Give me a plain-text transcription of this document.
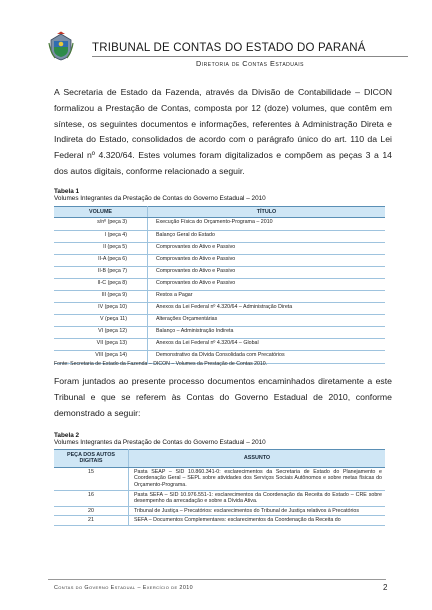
TRIBUNAL DE CONTAS DO ESTADO DO PARANÁ
Diretoria de Contas Estaduais
A Secretaria de Estado da Fazenda, através da Divisão de Contabilidade – DICON formalizou a Prestação de Contas, composta por 12 (doze) volumes, que contêm em síntese, os seguintes documentos e informações, referentes à Administração Direta e Indireta do Estado, consolidados de acordo com o parágrafo único do art. 110 da Lei Federal nº 4.320/64. Estes volumes foram digitalizados e compõem as peças 3 a 14 dos autos digitais, conforme relacionado a seguir.
Tabela 1
Volumes Integrantes da Prestação de Contas do Governo Estadual – 2010
VOLUME	TÍTULO
s/nº (peça 3)	Execução Física do Orçamento-Programa – 2010
I (peça 4)	Balanço Geral do Estado
II (peça 5)	Comprovantes do Ativo e Passivo
II-A (peça 6)	Comprovantes do Ativo e Passivo
II-B (peça 7)	Comprovantes do Ativo e Passivo
II-C (peça 8)	Comprovantes do Ativo e Passivo
III (peça 9)	Restos a Pagar
IV (peça 10)	Anexos da Lei Federal nº 4.320/64 – Administração Direta
V (peça 11)	Alterações Orçamentárias
VI (peça 12)	Balanço – Administração Indireta
VII (peça 13)	Anexos da Lei Federal nº 4.320/64 – Global
VIII (peça 14)	Demonstrativo da Dívida Consolidada com Precatórios
Fonte: Secretaria de Estado da Fazenda – DICON – Volumes da Prestação de Contas 2010.
Foram juntados ao presente processo documentos encaminhados diretamente a este Tribunal e que se referem às Contas do Governo Estadual de 2010, conforme demonstrado a seguir:
Tabela 2
Volumes Integrantes da Prestação de Contas do Governo Estadual – 2010
PEÇA DOS AUTOS DIGITAIS	ASSUNTO
15	Pasta SEAP – SID 10.860.341-0: esclarecimentos da Secretaria de Estado do Planejamento e Coordenação Geral – SEPL sobre atividades dos Serviços Sociais Autônomos e sobre metas físicas do Orçamento-Programa.
16	Pasta SEFA – SID 10.976.551-1: esclarecimentos da Coordenação da Receita do Estado – CRE sobre desempenho da arrecadação e sobre a Dívida Ativa.
20	Tribunal de Justiça – Precatórios: esclarecimentos do Tribunal de Justiça relativos à Precatórios
21	SEFA – Documentos Complementares: esclarecimentos da Coordenação da Receita do
Contas do Governo Estadual – Exercício de 2010	2
